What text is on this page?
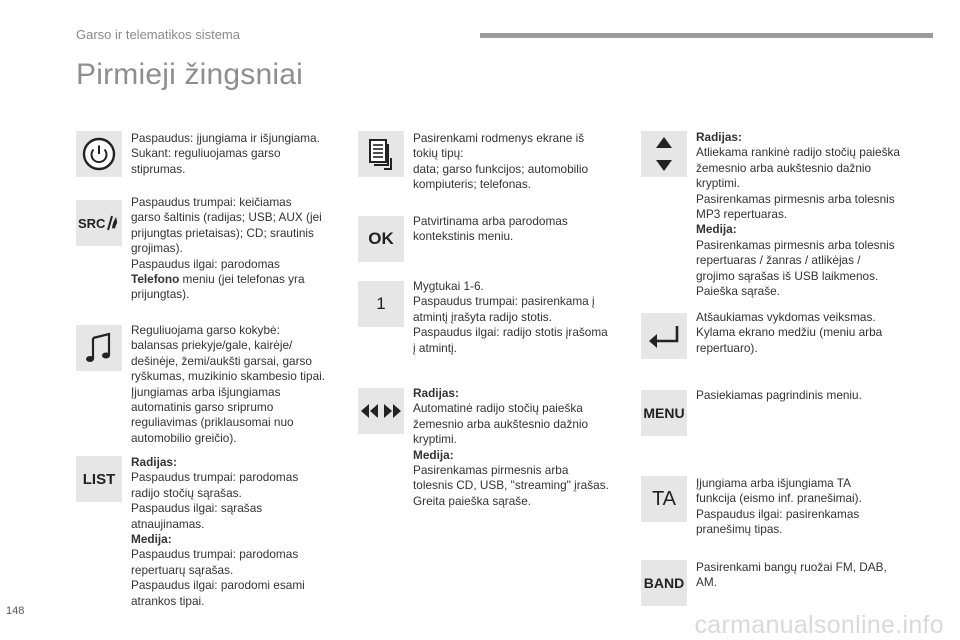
Garso ir telematikos sistema
Pirmieji žingsniai

Paspaudus: įjungiama ir išjungiama.

Sukant: reguliuojamas garso

stiprumas.

SRC

Paspaudus trumpai: keičiamas

garso šaltinis (radijas; USB; AUX (jei

prijungtas prietaisas); CD; srautinis

grojimas).

Paspaudus ilgai: parodomas

Telefono meniu (jei telefonas yra

prijungtas).

Reguliuojama garso kokybė:

balansas priekyje/gale, kairėje/

dešinėje, žemi/aukšti garsai, garso

ryškumas, muzikinio skambesio tipai.

Įjungiamas arba išjungiamas

automatinis garso sriprumo

reguliavimas (priklausomai nuo

automobilio greičio).

LIST

Radijas:

Paspaudus trumpai: parodomas

radijo stočių sąrašas.

Paspaudus ilgai: sąrašas

atnaujinamas.

Medija:

Paspaudus trumpai: parodomas

repertuarų sąrašas.

Paspaudus ilgai: parodomi esami

atrankos tipai.

Pasirenkami rodmenys ekrane iš

tokių tipų:

data; garso funkcijos; automobilio

kompiuteris; telefonas.

OK

Patvirtinama arba parodomas

kontekstinis meniu.

1

Mygtukai 1-6.

Paspaudus trumpai: pasirenkama į

atmintį įrašyta radijo stotis.

Paspaudus ilgai: radijo stotis įrašoma

į atmintį.

Radijas:

Automatinė radijo stočių paieška

žemesnio arba aukštesnio dažnio

kryptimi.

Medija:

Pasirenkamas pirmesnis arba

tolesnis CD, USB, "streaming" įrašas.

Greita paieška sąraše.

Radijas:

Atliekama rankinė radijo stočių paieška

žemesnio arba aukštesnio dažnio

kryptimi.

Pasirenkamas pirmesnis arba tolesnis

MP3 repertuaras.

Medija:

Pasirenkamas pirmesnis arba tolesnis

repertuaras / žanras / atlikėjas /

grojimo sąrašas iš USB laikmenos.

Paieška sąraše.

Atšaukiamas vykdomas veiksmas.

Kylama ekrano medžiu (meniu arba

repertuaro).

MENU

Pasiekiamas pagrindinis meniu.

TA

Įjungiama arba išjungiama TA

funkcija (eismo inf. pranešimai).

Paspaudus ilgai: pasirenkamas

pranešimų tipas.

BAND

Pasirenkami bangų ruožai FM, DAB,

AM.

148	carmanualsonline.info
